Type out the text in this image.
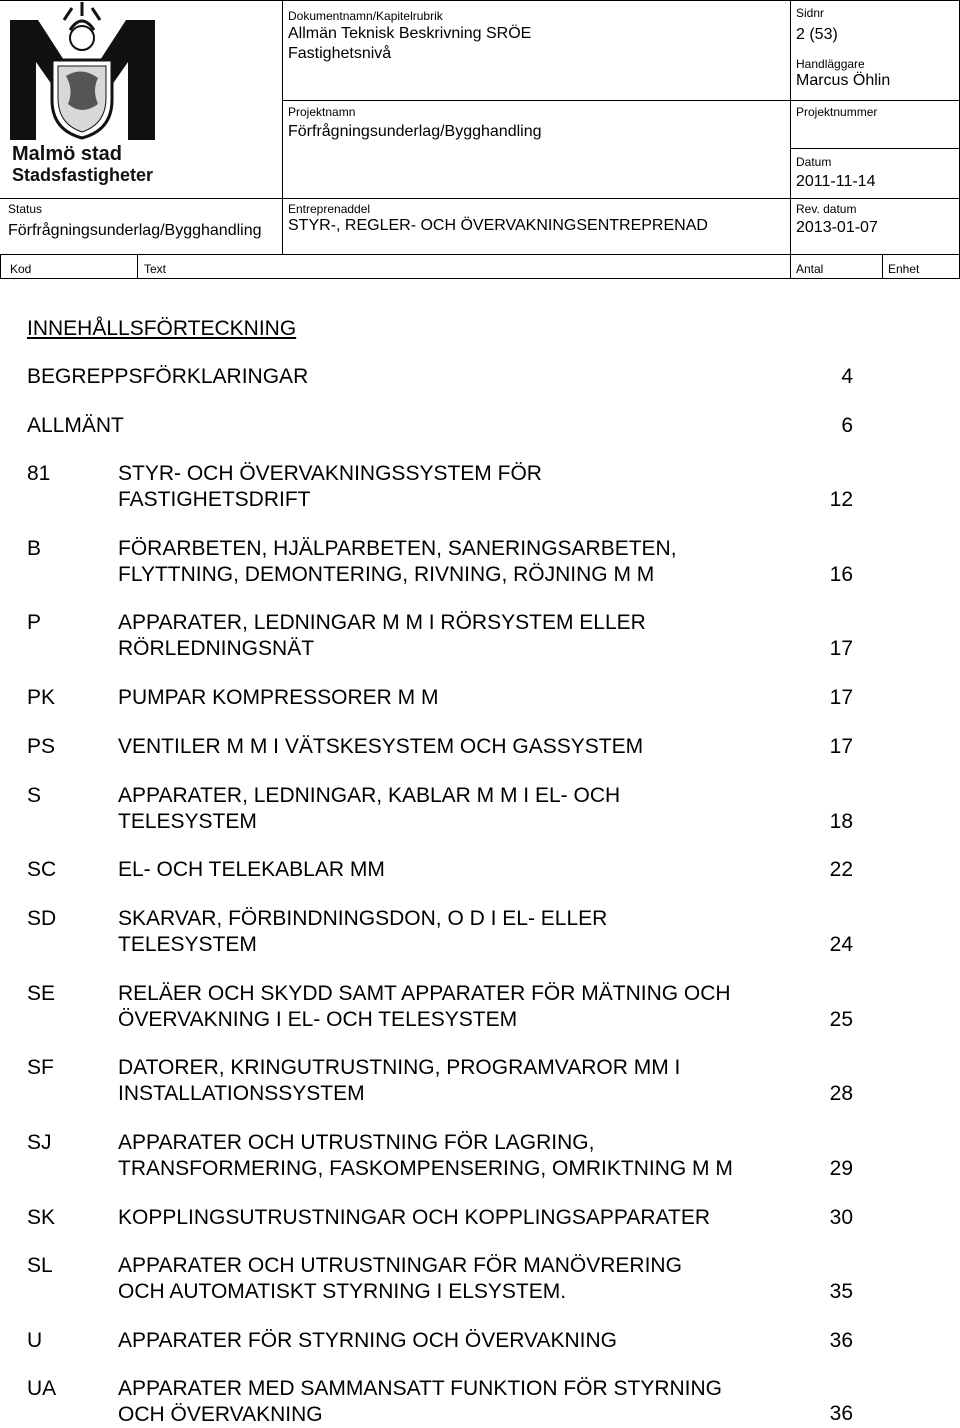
Malmö stad
Stadsfastigheter
Dokumentnamn/Kapitelrubrik
Allmän Teknisk Beskrivning SRÖE
Fastighetsnivå
Sidnr
2 (53)
Handläggare
Marcus Öhlin
Projektnamn
Förfrågningsunderlag/Bygghandling
Projektnummer
Datum
2011-11-14
Status
Förfrågningsunderlag/Bygghandling
Entreprenaddel
STYR-, REGLER- OCH ÖVERVAKNINGSENTREPRENAD
Rev. datum
2013-01-07
Kod	Text	Antal	Enhet
INNEHÅLLSFÖRTECKNING
BEGREPPSFÖRKLARINGAR	4
ALLMÄNT	6
81	STYR- OCH ÖVERVAKNINGSSYSTEM FÖR
FASTIGHETSDRIFT	12
B	FÖRARBETEN, HJÄLPARBETEN, SANERINGSARBETEN,
FLYTTNING, DEMONTERING, RIVNING, RÖJNING M M	16
P	APPARATER, LEDNINGAR M M I RÖRSYSTEM ELLER
RÖRLEDNINGSNÄT	17
PK	PUMPAR KOMPRESSORER M M	17
PS	VENTILER M M I VÄTSKESYSTEM OCH GASSYSTEM	17
S	APPARATER, LEDNINGAR, KABLAR M M I EL- OCH
TELESYSTEM	18
SC	EL- OCH TELEKABLAR MM	22
SD	SKARVAR, FÖRBINDNINGSDON, O D I EL- ELLER
TELESYSTEM	24
SE	RELÄER OCH SKYDD SAMT APPARATER FÖR MÄTNING OCH
ÖVERVAKNING I EL- OCH TELESYSTEM	25
SF	DATORER, KRINGUTRUSTNING, PROGRAMVAROR MM I
INSTALLATIONSSYSTEM	28
SJ	APPARATER OCH UTRUSTNING FÖR LAGRING,
TRANSFORMERING, FASKOMPENSERING, OMRIKTNING M M	29
SK	KOPPLINGSUTRUSTNINGAR OCH KOPPLINGSAPPARATER	30
SL	APPARATER OCH UTRUSTNINGAR FÖR MANÖVRERING
OCH AUTOMATISKT STYRNING I ELSYSTEM.	35
U	APPARATER FÖR STYRNING OCH ÖVERVAKNING	36
UA	APPARATER MED SAMMANSATT FUNKTION FÖR STYRNING
OCH ÖVERVAKNING	36
